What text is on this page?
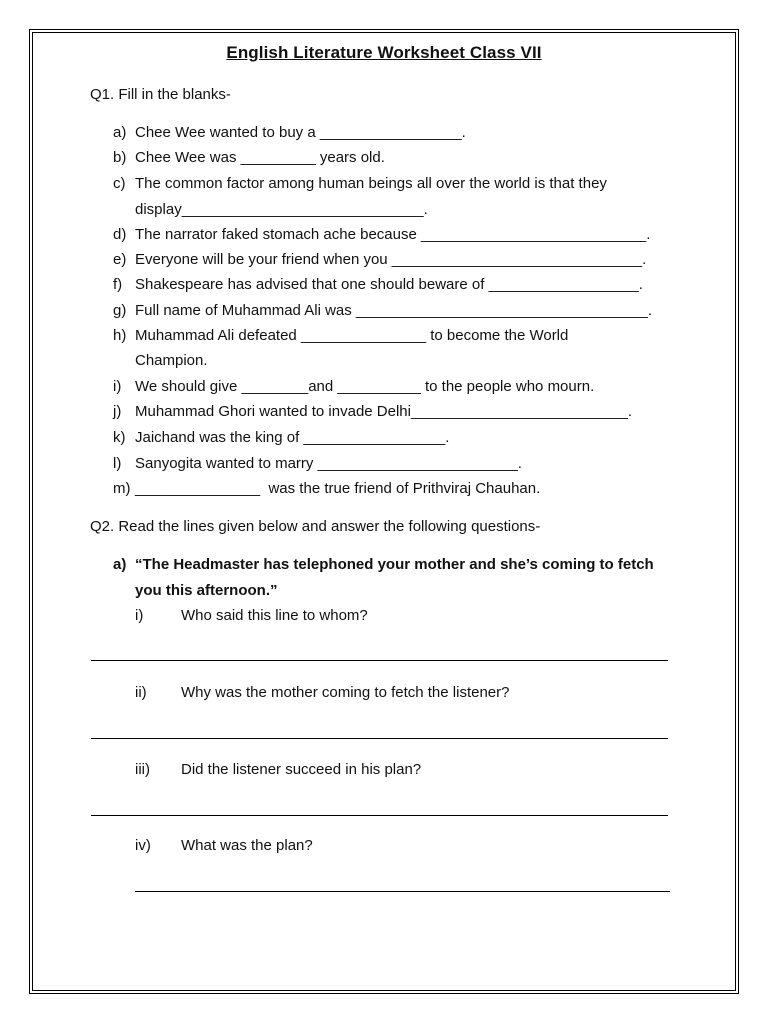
English Literature Worksheet Class VII
Q1. Fill in the blanks-
a) Chee Wee wanted to buy a _________________.
b) Chee Wee was _________ years old.
c) The common factor among human beings all over the world is that they
display_____________________________.
d) The narrator faked stomach ache because ___________________________.
e) Everyone will be your friend when you ______________________________.
f) Shakespeare has advised that one should beware of __________________.
g) Full name of Muhammad Ali was ___________________________________.
h) Muhammad Ali defeated _______________ to become the World
Champion.
i) We should give ________and __________ to the people who mourn.
j) Muhammad Ghori wanted to invade Delhi__________________________.
k) Jaichand was the king of _________________.
l) Sanyogita wanted to marry ________________________.
m) _______________  was the true friend of Prithviraj Chauhan.
Q2. Read the lines given below and answer the following questions-
a) “The Headmaster has telephoned your mother and she’s coming to fetch
you this afternoon.”
i)	Who said this line to whom?
ii) Why was the mother coming to fetch the listener?
iii) Did the listener succeed in his plan?
iv) What was the plan?
